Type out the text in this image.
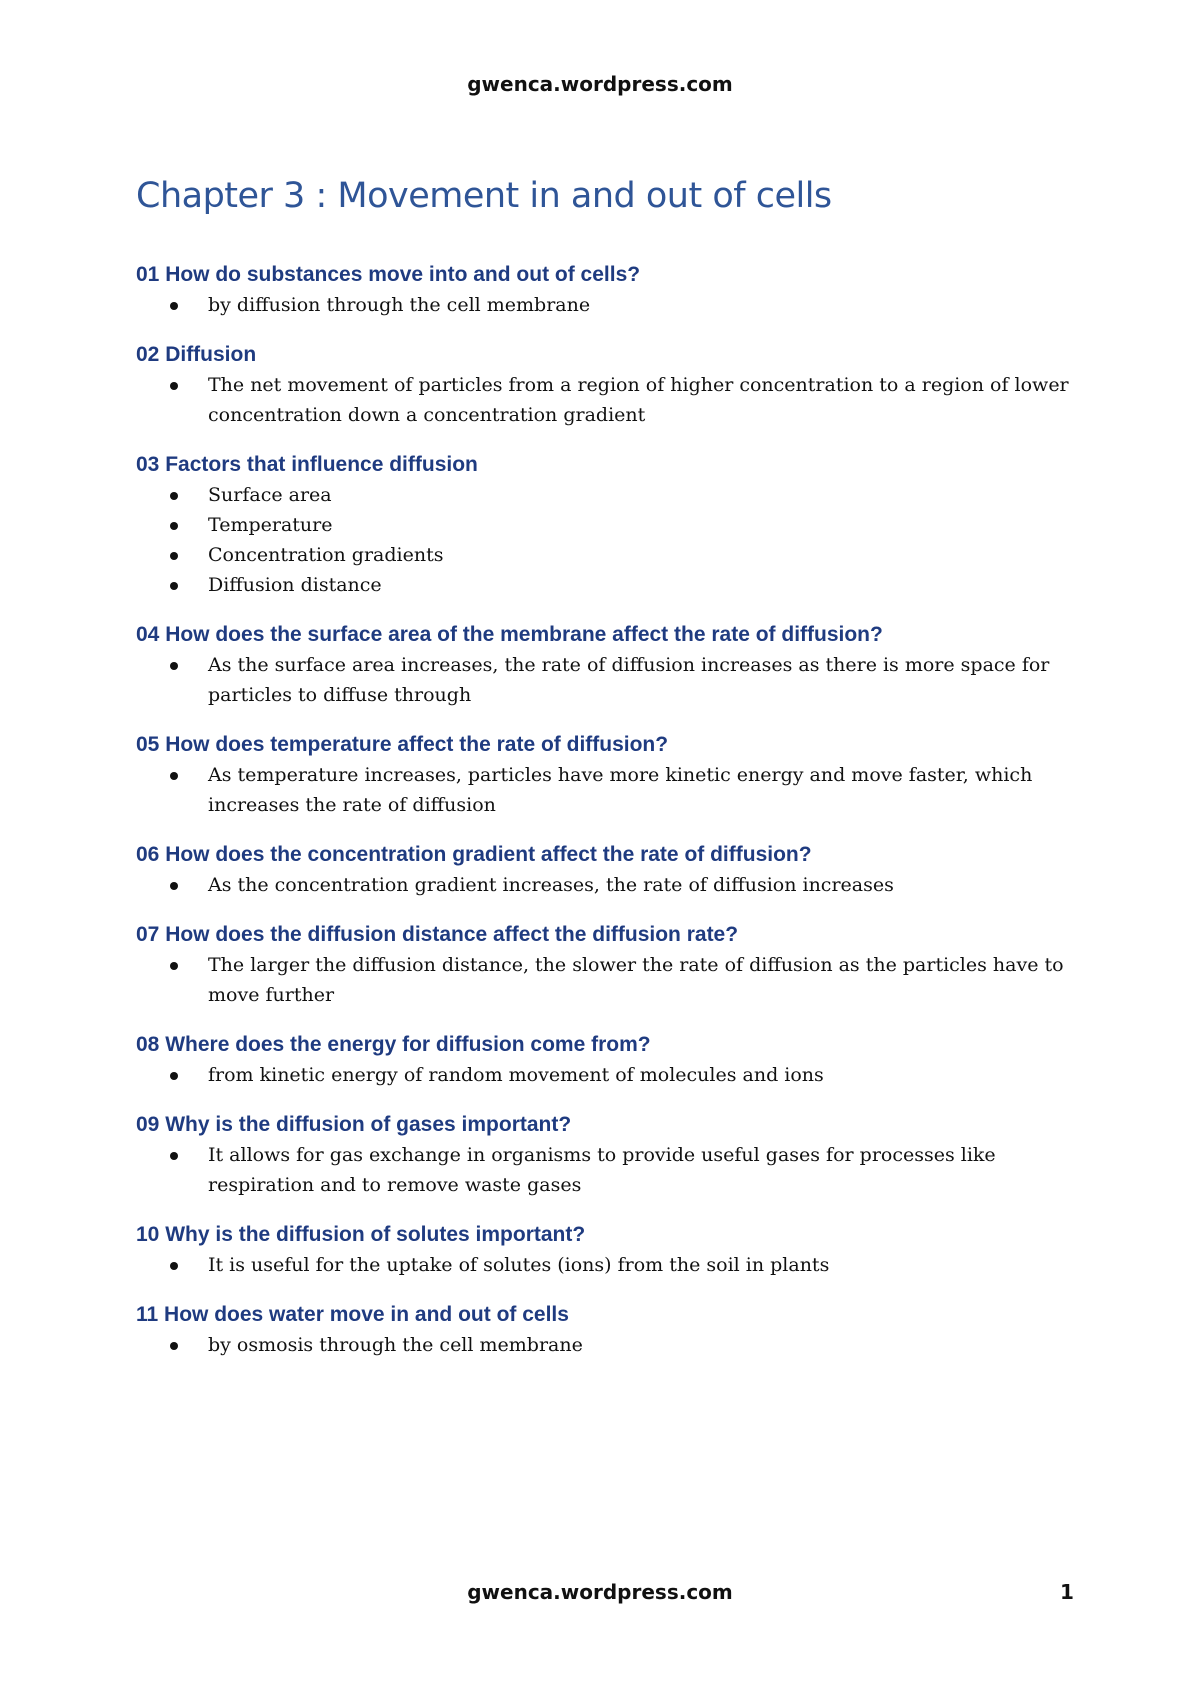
gwenca.wordpress.com
Chapter 3 : Movement in and out of cells
01 How do substances move into and out of cells?
by diffusion through the cell membrane
02 Diffusion
The net movement of particles from a region of higher concentration to a region of lower concentration down a concentration gradient
03 Factors that influence diffusion
Surface area
Temperature
Concentration gradients
Diffusion distance
04 How does the surface area of the membrane affect the rate of diffusion?
As the surface area increases, the rate of diffusion increases as there is more space for particles to diffuse through
05 How does temperature affect the rate of diffusion?
As temperature increases, particles have more kinetic energy and move faster, which increases the rate of diffusion
06 How does the concentration gradient affect the rate of diffusion?
As the concentration gradient increases, the rate of diffusion increases
07 How does the diffusion distance affect the diffusion rate?
The larger the diffusion distance, the slower the rate of diffusion as the particles have to move further
08 Where does the energy for diffusion come from?
from kinetic energy of random movement of molecules and ions
09 Why is the diffusion of gases important?
It allows for gas exchange in organisms to provide useful gases for processes like respiration and to remove waste gases
10 Why is the diffusion of solutes important?
It is useful for the uptake of solutes (ions) from the soil in plants
11 How does water move in and out of cells
by osmosis through the cell membrane
gwenca.wordpress.com	1
